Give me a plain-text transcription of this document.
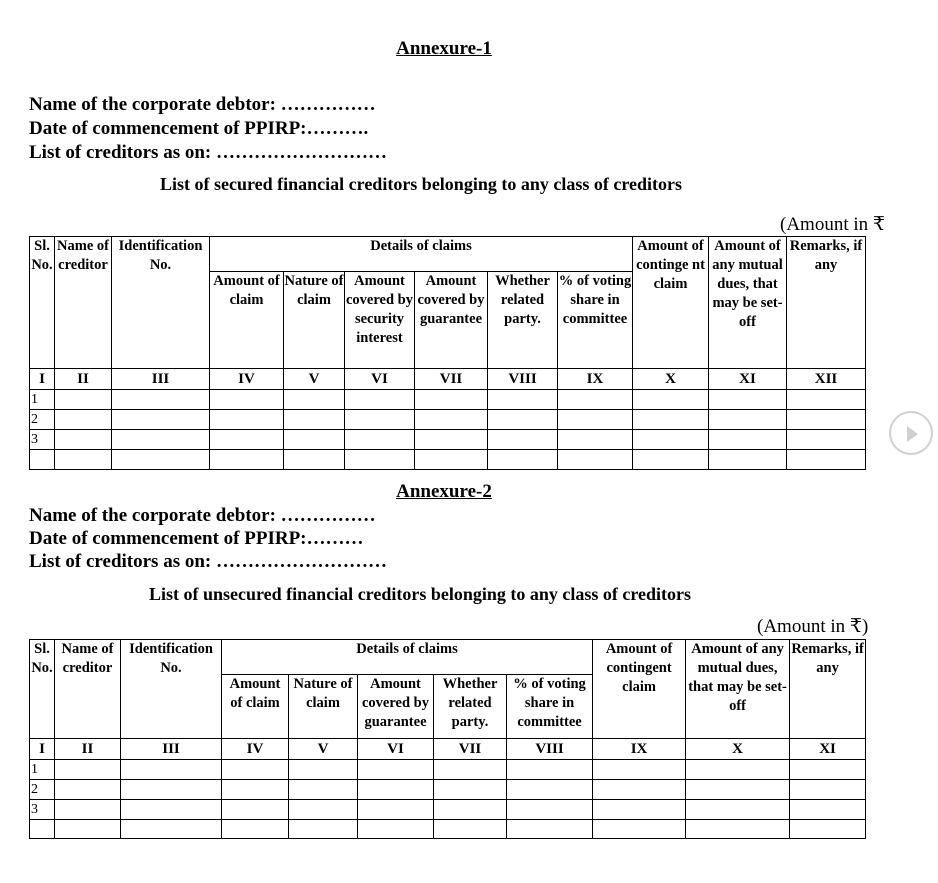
Annexure-1
Name of the corporate debtor: ……………
Date of commencement of PPIRP:……….
List of creditors as on: ………………………
List of secured financial creditors belonging to any class of creditors
(Amount in ₹
Sl. No.	Name of creditor	Identification No.	Details of claims						Amount of continge nt claim	Amount of any mutual dues, that may be set- off	Remarks, if any
			Amount of claim	Nature of claim	Amount covered by security interest	Amount covered by guarantee	Whether related party.	% of voting share in committee			
I	II	III	IV	V	VI	VII	VIII	IX	X	XI	XII
1											
2											
3											

Annexure-2
Name of the corporate debtor: ……………
Date of commencement of PPIRP:………
List of creditors as on: ………………………
List of unsecured financial creditors belonging to any class of creditors
(Amount in ₹)
Sl. No.	Name of creditor	Identification No.	Details of claims					Amount of contingent claim	Amount of any mutual dues, that may be set-off	Remarks, if any
			Amount of claim	Nature of claim	Amount covered by guarantee	Whether related party.	% of voting share in committee			
I	II	III	IV	V	VI	VII	VIII	IX	X	XI
1										
2										
3										
